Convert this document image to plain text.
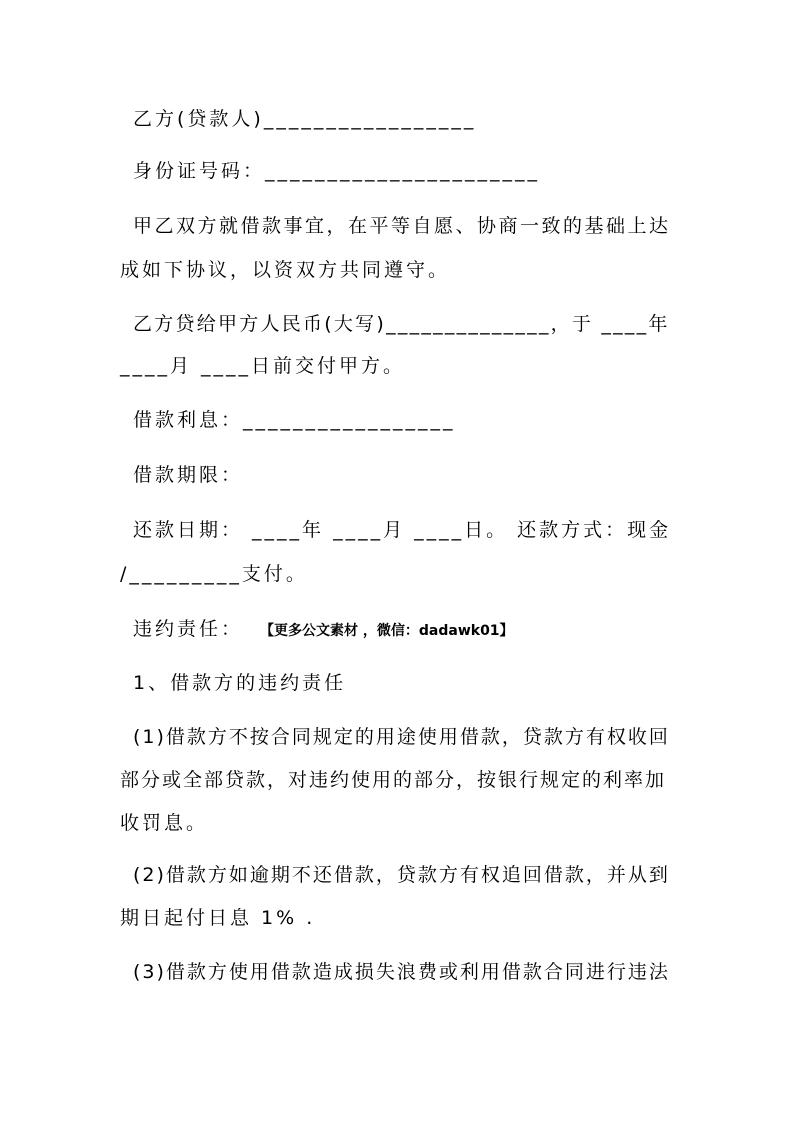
乙方(贷款人)_________________
身份证号码：______________________
甲乙双方就借款事宜，在平等自愿、协商一致的基础上达
成如下协议，以资双方共同遵守。
乙方贷给甲方人民币(大写)______________，于 ____年
____月 ____日前交付甲方。
借款利息：_________________
借款期限：
还款日期： ____年 ____月 ____日。 还款方式：现金
/_________支付。
违约责任： 【更多公文素材 ，微信：dadawk01】
1、借款方的违约责任
(1)借款方不按合同规定的用途使用借款，贷款方有权收回
部分或全部贷款，对违约使用的部分，按银行规定的利率加
收罚息。
(2)借款方如逾期不还借款，贷款方有权追回借款，并从到
期日起付日息 1% .
(3)借款方使用借款造成损失浪费或利用借款合同进行违法
